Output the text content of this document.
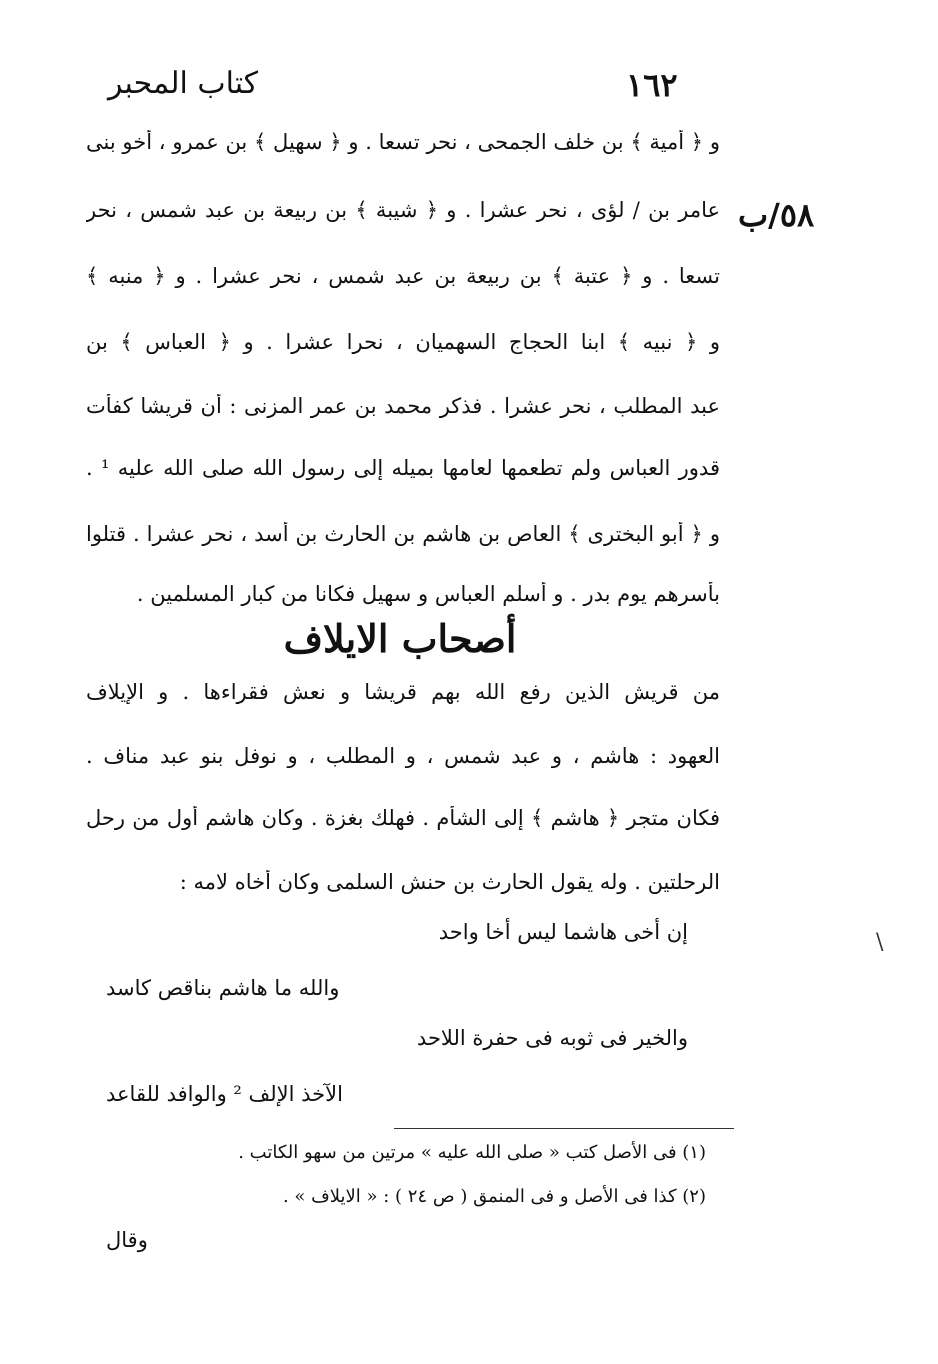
كتاب المحبر	١٦٢
٥٨/ب
\
و ﴿ أمية ﴾ بن خلف الجمحى ، نحر تسعا . و ﴿ سهيل ﴾ بن عمرو ، أخو بنى
عامر بن / لؤى ، نحر عشرا . و ﴿ شيبة ﴾ بن ربيعة بن عبد شمس ، نحر
تسعا . و ﴿ عتبة ﴾ بن ربيعة بن عبد شمس ، نحر عشرا . و ﴿ منبه ﴾
و ﴿ نبيه ﴾ ابنا الحجاج السهميان ، نحرا عشرا . و ﴿ العباس ﴾ بن
عبد المطلب ، نحر عشرا . فذكر محمد بن عمر المزنى : أن قريشا كفأت
قدور العباس ولم تطعمها لعامها بميله إلى رسول الله صلى الله عليه ¹ .
و ﴿ أبو البخترى ﴾ العاص بن هاشم بن الحارث بن أسد ، نحر عشرا . قتلوا
بأسرهم يوم بدر . و أسلم العباس و سهيل فكانا من كبار المسلمين .
أصحاب الايلاف
من قريش الذين رفع الله بهم قريشا و نعش فقراءها . و الإيلاف
العهود : هاشم ، و عبد شمس ، و المطلب ، و نوفل بنو عبد مناف .
فكان متجر ﴿ هاشم ﴾ إلى الشأم . فهلك بغزة . وكان هاشم أول من رحل
الرحلتين . وله يقول الحارث بن حنش السلمى وكان أخاه لامه :
إن أخى هاشما ليس أخا واحد
والله ما هاشم بناقص كاسد
والخير فى ثوبه فى حفرة اللاحد
الآخذ الإلف ² والوافد للقاعد
(١) فى الأصل كتب « صلى الله عليه » مرتين من سهو الكاتب .
(٢) كذا فى الأصل و فى المنمق ( ص ٢٤ ) : « الايلاف » .
وقال
